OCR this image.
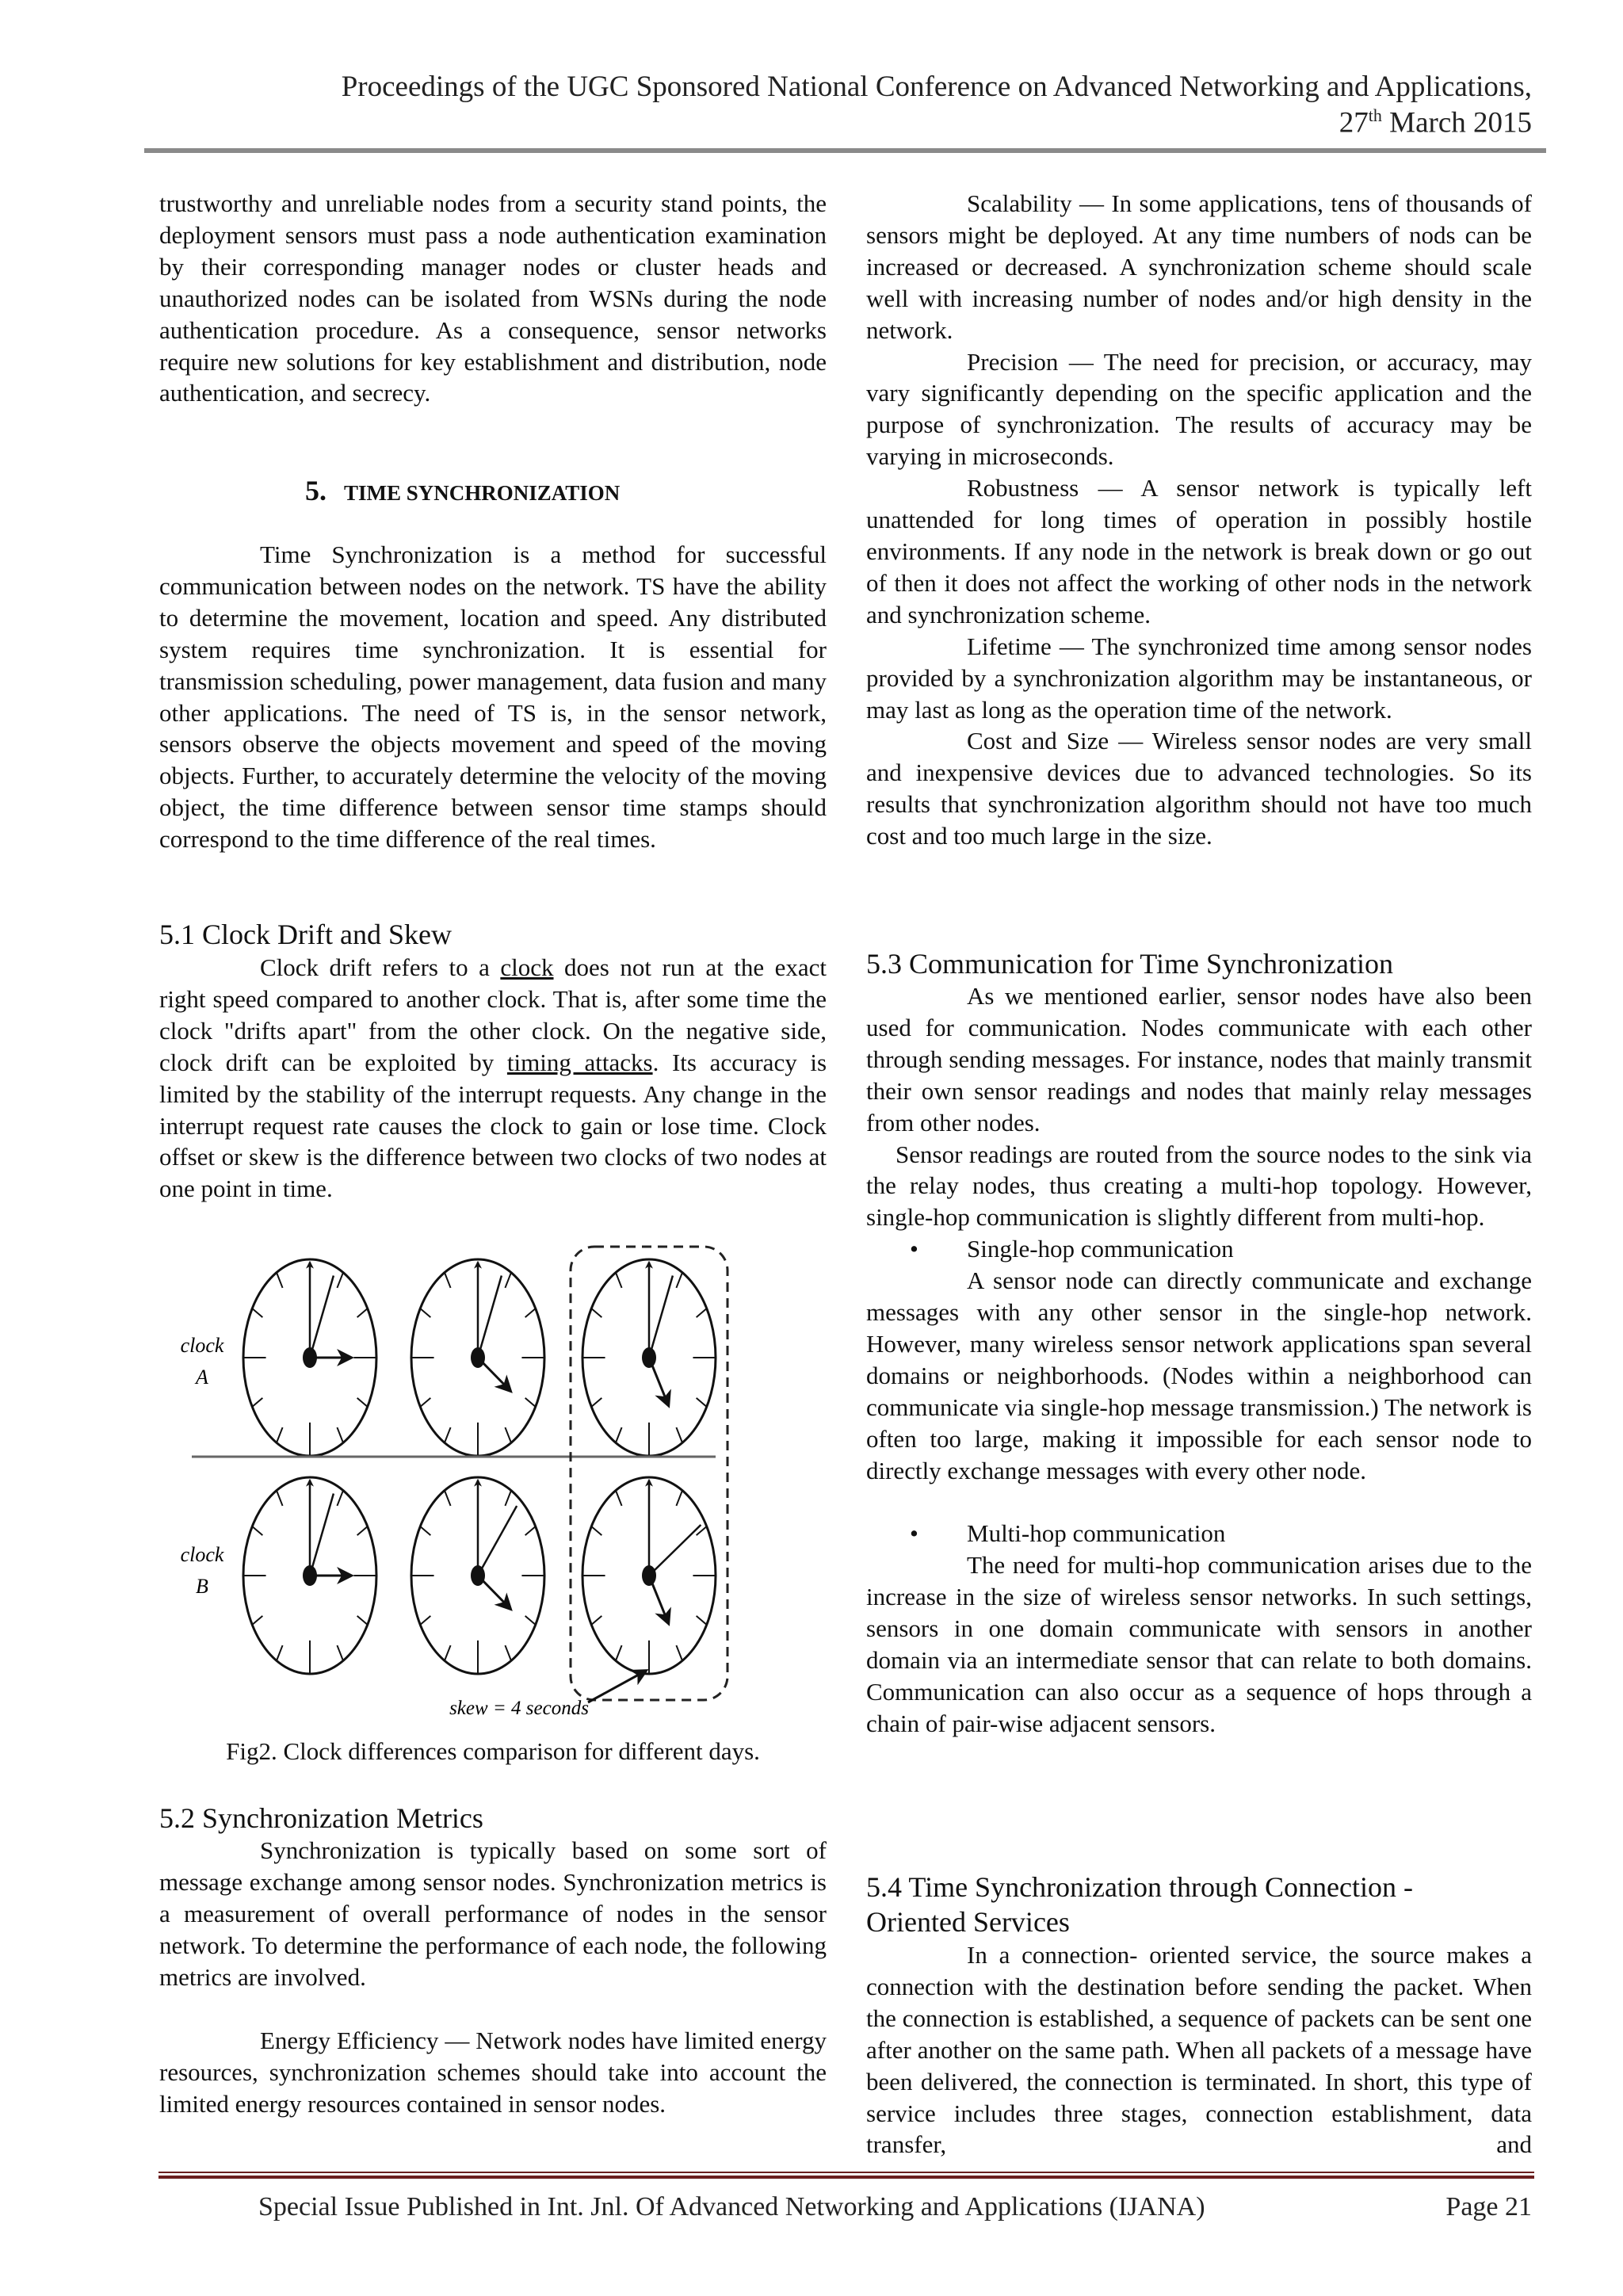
Proceedings of the UGC Sponsored National Conference on Advanced Networking and Applications,
27th March 2015

trustworthy and unreliable nodes from a security stand points, the deployment sensors must pass a node authentication examination by their corresponding manager nodes or cluster heads and unauthorized nodes can be isolated from WSNs during the node authentication procedure. As a consequence, sensor networks require new solutions for key establishment and distribution, node authentication, and secrecy.

5. TIME SYNCHRONIZATION

Time Synchronization is a method for successful communication between nodes on the network. TS have the ability to determine the movement, location and speed. Any distributed system requires time synchronization. It is essential for transmission scheduling, power management, data fusion and many other applications. The need of TS is, in the sensor network, sensors observe the objects movement and speed of the moving objects. Further, to accurately determine the velocity of the moving object, the time difference between sensor time stamps should correspond to the time difference of the real times.

5.1 Clock Drift and Skew

Clock drift refers to a clock does not run at the exact right speed compared to another clock. That is, after some time the clock "drifts apart" from the other clock. On the negative side, clock drift can be exploited by timing attacks. Its accuracy is limited by the stability of the interrupt requests. Any change in the interrupt request rate causes the clock to gain or lose time. Clock offset or skew is the difference between two clocks of two nodes at one point in time.

clock
A
clock
B
skew = 4 seconds
Fig2. Clock differences comparison for different days.
5.2 Synchronization Metrics

Synchronization is typically based on some sort of message exchange among sensor nodes. Synchronization metrics is a measurement of overall performance of nodes in the sensor network. To determine the performance of each node, the following metrics are involved.

Energy Efficiency — Network nodes have limited energy resources, synchronization schemes should take into account the limited energy resources contained in sensor nodes.

Scalability — In some applications, tens of thousands of sensors might be deployed. At any time numbers of nods can be increased or decreased. A synchronization scheme should scale well with increasing number of nodes and/or high density in the network.

Precision — The need for precision, or accuracy, may vary significantly depending on the specific application and the purpose of synchronization. The results of accuracy may be varying in microseconds.

Robustness — A sensor network is typically left unattended for long times of operation in possibly hostile environments. If any node in the network is break down or go out of then it does not affect the working of other nods in the network and synchronization scheme.

Lifetime — The synchronized time among sensor nodes provided by a synchronization algorithm may be instantaneous, or may last as long as the operation time of the network.

Cost and Size — Wireless sensor nodes are very small and inexpensive devices due to advanced technologies. So its results that synchronization algorithm should not have too much cost and too much large in the size.

5.3 Communication for Time Synchronization

As we mentioned earlier, sensor nodes have also been used for communication. Nodes communicate with each other through sending messages. For instance, nodes that mainly transmit their own sensor readings and nodes that mainly relay messages from other nodes.

Sensor readings are routed from the source nodes to the sink via the relay nodes, thus creating a multi-hop topology. However, single-hop communication is slightly different from multi-hop.

• Single-hop communication

A sensor node can directly communicate and exchange messages with any other sensor in the single-hop network. However, many wireless sensor network applications span several domains or neighborhoods. (Nodes within a neighborhood can communicate via single-hop message transmission.) The network is often too large, making it impossible for each sensor node to directly exchange messages with every other node.

• Multi-hop communication

The need for multi-hop communication arises due to the increase in the size of wireless sensor networks. In such settings, sensors in one domain communicate with sensors in another domain via an intermediate sensor that can relate to both domains. Communication can also occur as a sequence of hops through a chain of pair-wise adjacent sensors.

5.4 Time Synchronization through Connection - Oriented Services

In a connection- oriented service, the source makes a connection with the destination before sending the packet. When the connection is established, a sequence of packets can be sent one after another on the same path. When all packets of a message have been delivered, the connection is terminated. In short, this type of service includes three stages, connection establishment, data transfer, and

Special Issue Published in Int. Jnl. Of Advanced Networking and Applications (IJANA)	Page 21
